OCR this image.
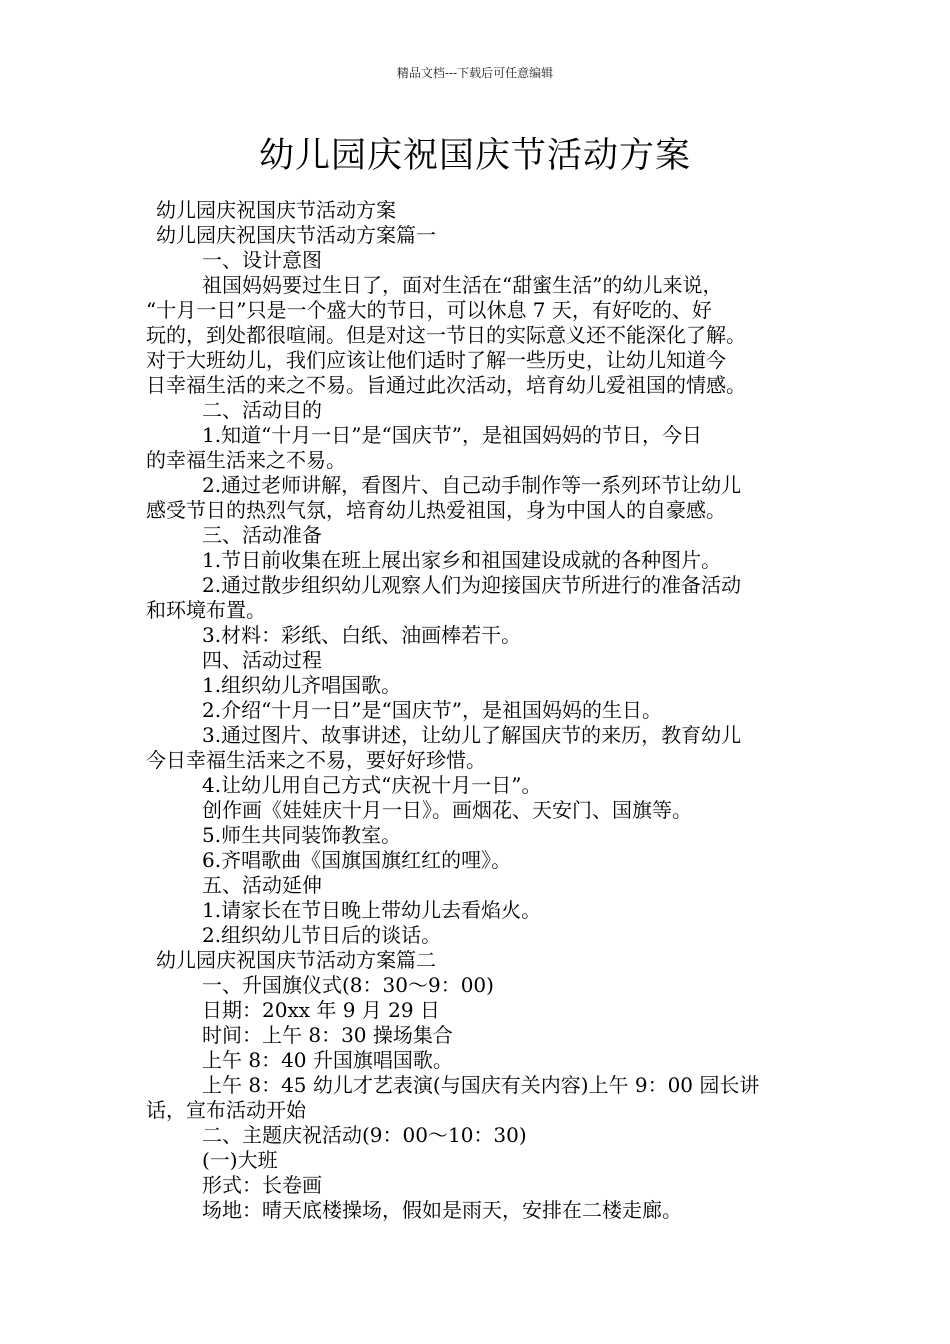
精品文档---下载后可任意编辑
幼儿园庆祝国庆节活动方案
幼儿园庆祝国庆节活动方案
幼儿园庆祝国庆节活动方案篇一
一、设计意图
祖国妈妈要过生日了，面对生活在“甜蜜生活”的幼儿来说，
“十月一日”只是一个盛大的节日，可以休息 7 天，有好吃的、好
玩的，到处都很喧闹。但是对这一节日的实际意义还不能深化了解。
对于大班幼儿，我们应该让他们适时了解一些历史，让幼儿知道今
日幸福生活的来之不易。旨通过此次活动，培育幼儿爱祖国的情感。
二、活动目的
1.知道“十月一日”是“国庆节”，是祖国妈妈的节日，今日
的幸福生活来之不易。
2.通过老师讲解，看图片、自己动手制作等一系列环节让幼儿
感受节日的热烈气氛，培育幼儿热爱祖国，身为中国人的自豪感。
三、活动准备
1.节日前收集在班上展出家乡和祖国建设成就的各种图片。
2.通过散步组织幼儿观察人们为迎接国庆节所进行的准备活动
和环境布置。
3.材料：彩纸、白纸、油画棒若干。
四、活动过程
1.组织幼儿齐唱国歌。
2.介绍“十月一日”是“国庆节”，是祖国妈妈的生日。
3.通过图片、故事讲述，让幼儿了解国庆节的来历，教育幼儿
今日幸福生活来之不易，要好好珍惜。
4.让幼儿用自己方式“庆祝十月一日”。
创作画《娃娃庆十月一日》。画烟花、天安门、国旗等。
5.师生共同装饰教室。
6.齐唱歌曲《国旗国旗红红的哩》。
五、活动延伸
1.请家长在节日晚上带幼儿去看焰火。
2.组织幼儿节日后的谈话。
幼儿园庆祝国庆节活动方案篇二
一、升国旗仪式(8：30～9：00)
日期：20xx 年 9 月 29 日
时间：上午 8：30 操场集合
上午 8：40 升国旗唱国歌。
上午 8：45 幼儿才艺表演(与国庆有关内容)上午 9：00 园长讲
话，宣布活动开始
二、主题庆祝活动(9：00～10：30)
(一)大班
形式：长卷画
场地：晴天底楼操场，假如是雨天，安排在二楼走廊。
